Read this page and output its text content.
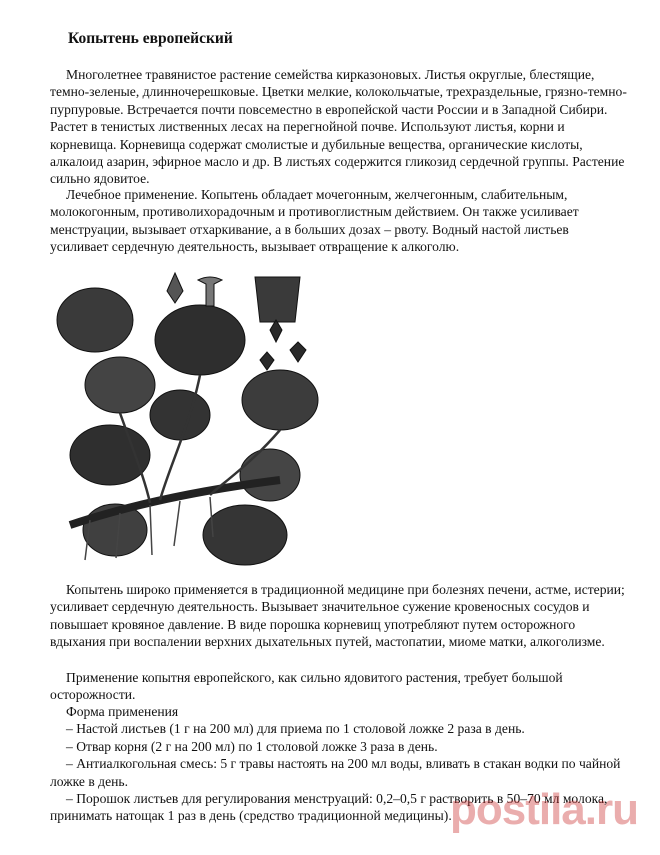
Копытень европейский

Многолетнее травянистое растение семейства кирказоновых. Листья округлые, блестящие, темно-зеленые, длинночерешковые. Цветки мелкие, колокольчатые, трехраздельные, грязно-темно-пурпуровые. Встречается почти повсеместно в европейской части России и в Западной Сибири. Растет в тенистых лиственных лесах на перегнойной почве. Используют листья, корни и корневища. Корневища содержат смолистые и дубильные вещества, органические кислоты, алкалоид азарин, эфирное масло и др. В листьях содержится гликозид сердечной группы. Растение сильно ядовитое.

Лечебное применение. Копытень обладает мочегонным, желчегонным, слабительным, молокогонным, противолихорадочным и противоглистным действием. Он также усиливает менструации, вызывает отхаркивание, а в больших дозах – рвоту. Водный настой листьев усиливает сердечную деятельность, вызывает отвращение к алкоголю.

Копытень широко применяется в традиционной медицине при болезнях печени, астме, истерии; усиливает сердечную деятельность. Вызывает значительное сужение кровеносных сосудов и повышает кровяное давление. В виде порошка корневищ употребляют путем осторожного вдыхания при воспалении верхних дыхательных путей, мастопатии, миоме матки, алкоголизме.

Применение копытня европейского, как сильно ядовитого растения, требует большой осторожности.

Форма применения
– Настой листьев (1 г на 200 мл) для приема по 1 столовой ложке 2 раза в день.
– Отвар корня (2 г на 200 мл) по 1 столовой ложке 3 раза в день.
– Антиалкогольная смесь: 5 г травы настоять на 200 мл воды, вливать в стакан водки по чайной ложке в день.
– Порошок листьев для регулирования менструаций: 0,2–0,5 г растворить в 50–70 мл молока, принимать натощак 1 раз в день (средство традиционной медицины).
postila.ru
